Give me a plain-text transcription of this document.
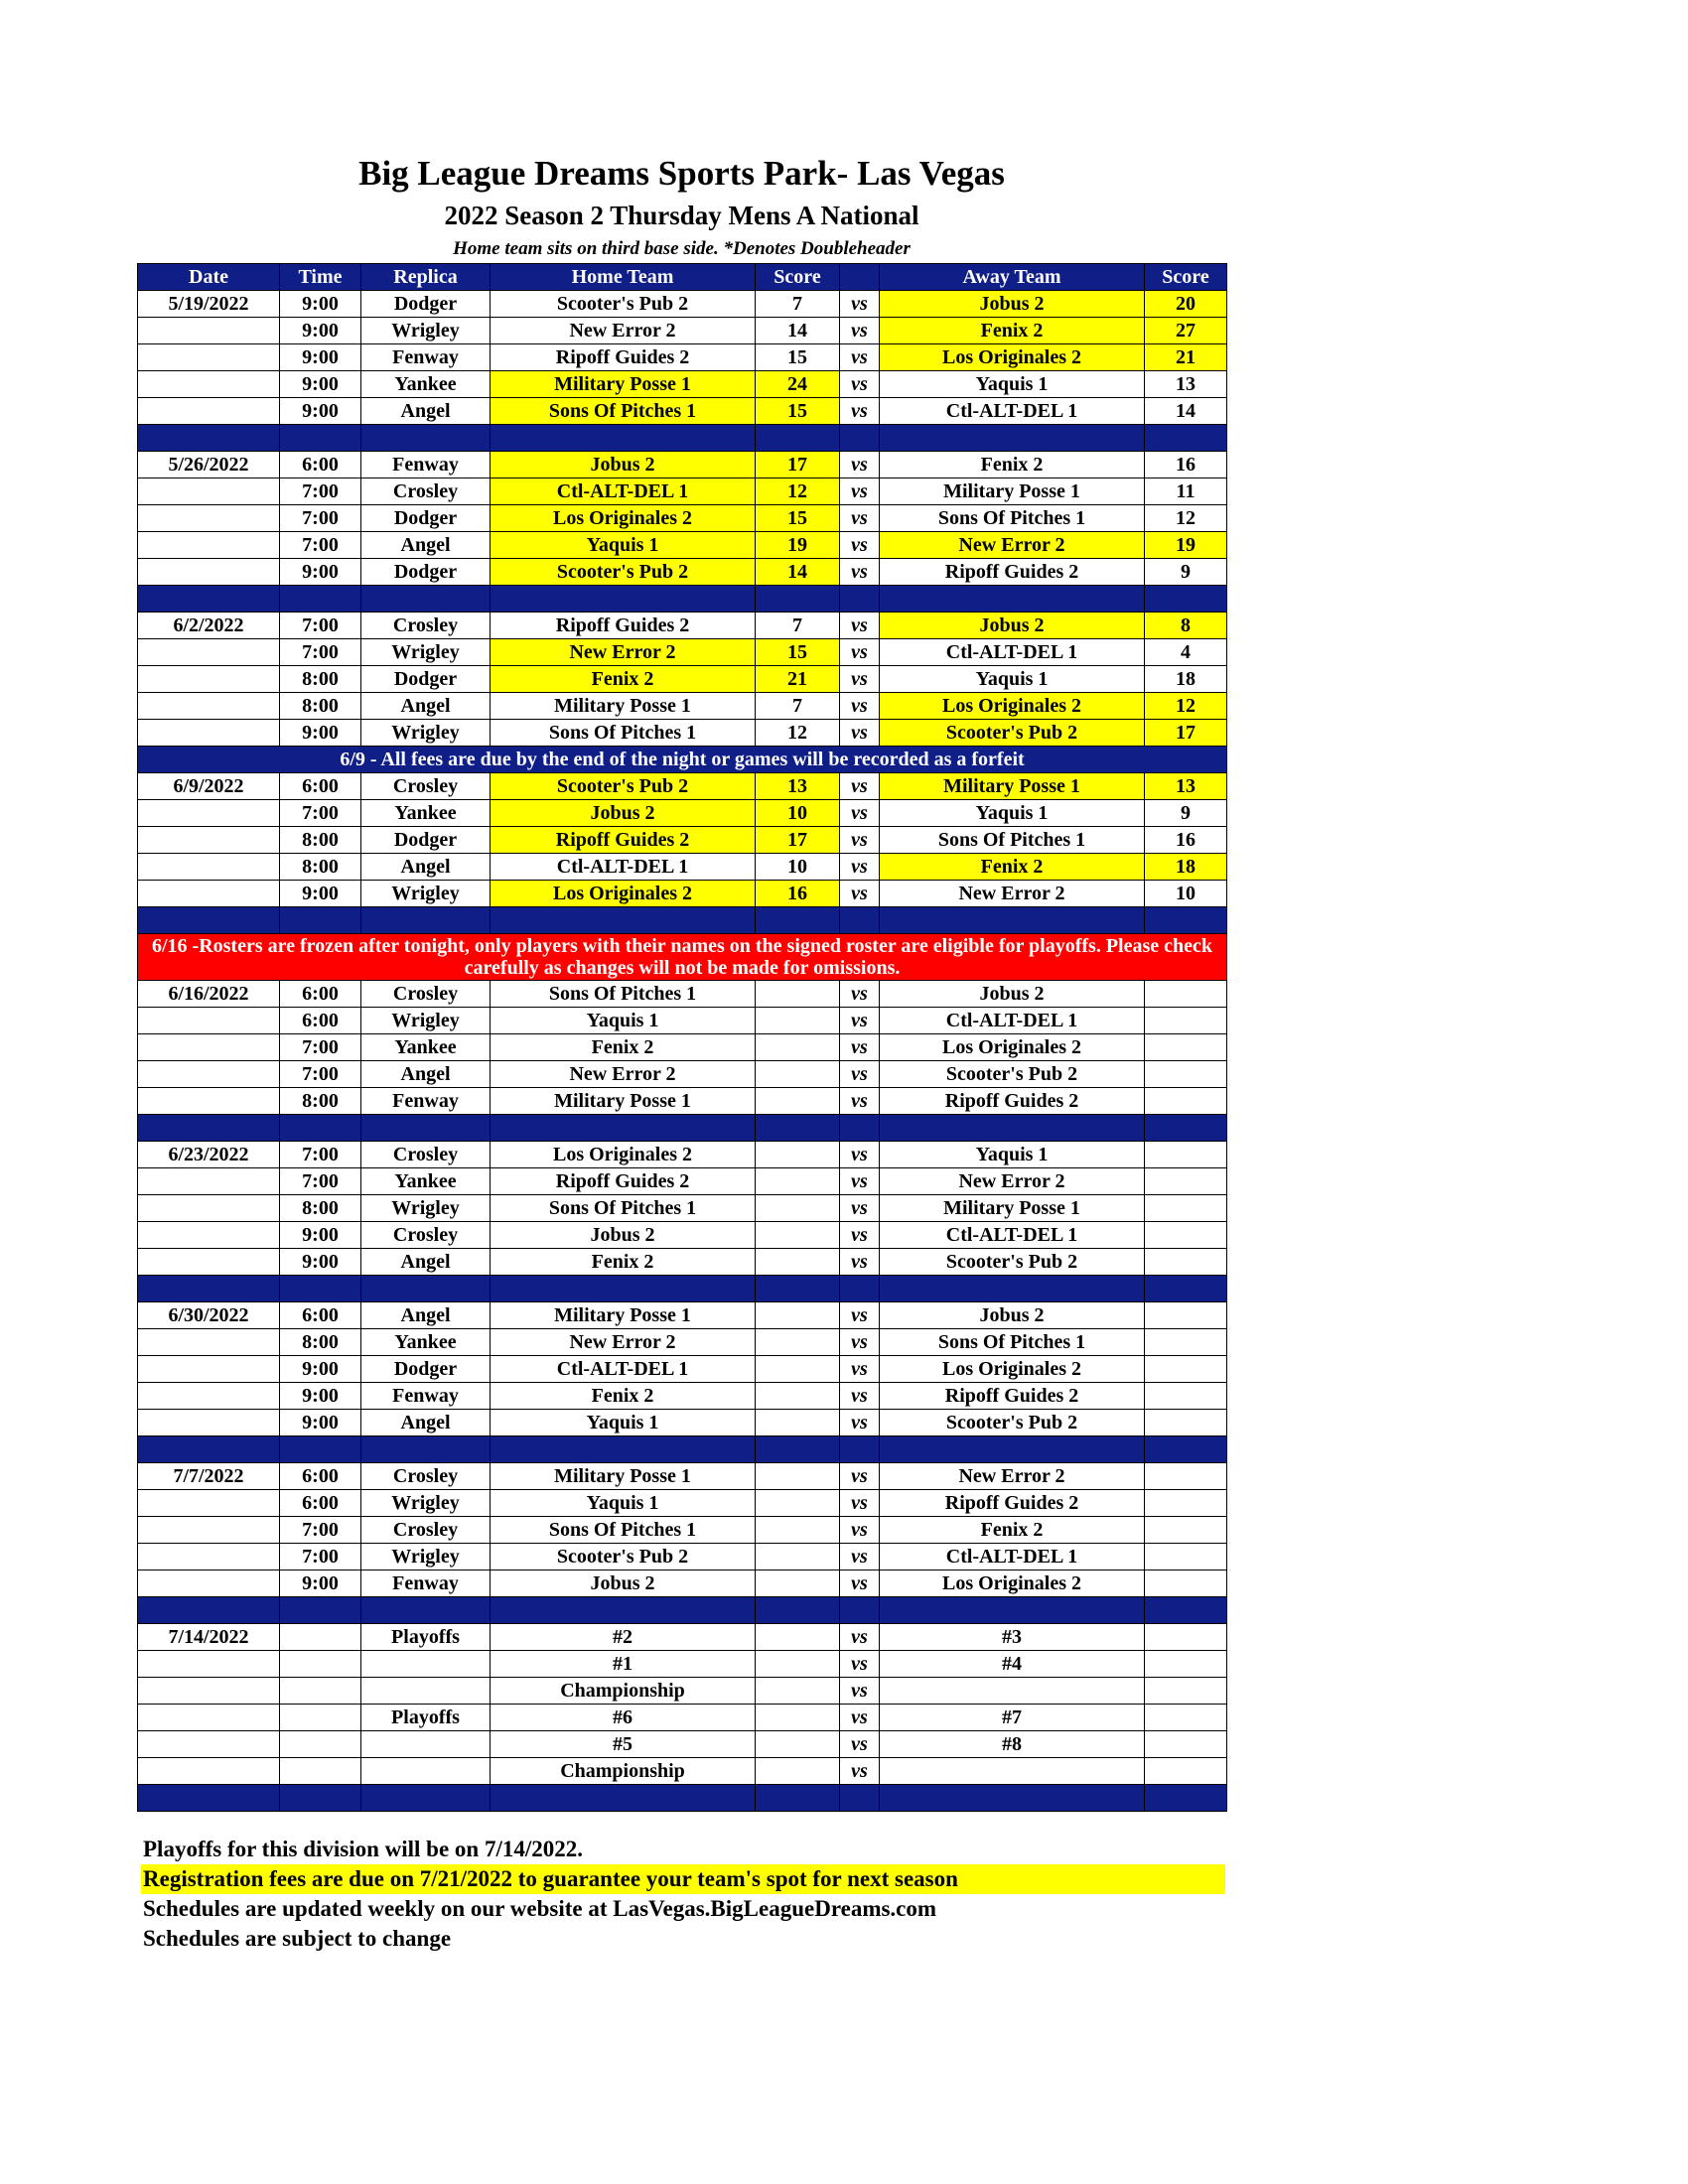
Big League Dreams Sports Park- Las Vegas
2022 Season 2 Thursday Mens A National
Home team sits on third base side. *Denotes Doubleheader
Date	Time	Replica	Home Team	Score		Away Team	Score
5/19/2022	9:00	Dodger	Scooter's Pub 2	7	vs	Jobus 2	20
	9:00	Wrigley	New Error 2	14	vs	Fenix 2	27
	9:00	Fenway	Ripoff Guides 2	15	vs	Los Originales 2	21
	9:00	Yankee	Military Posse 1	24	vs	Yaquis 1	13
	9:00	Angel	Sons Of Pitches 1	15	vs	Ctl-ALT-DEL 1	14

5/26/2022	6:00	Fenway	Jobus 2	17	vs	Fenix 2	16
	7:00	Crosley	Ctl-ALT-DEL 1	12	vs	Military Posse 1	11
	7:00	Dodger	Los Originales 2	15	vs	Sons Of Pitches 1	12
	7:00	Angel	Yaquis 1	19	vs	New Error 2	19
	9:00	Dodger	Scooter's Pub 2	14	vs	Ripoff Guides 2	9

6/2/2022	7:00	Crosley	Ripoff Guides 2	7	vs	Jobus 2	8
	7:00	Wrigley	New Error 2	15	vs	Ctl-ALT-DEL 1	4
	8:00	Dodger	Fenix 2	21	vs	Yaquis 1	18
	8:00	Angel	Military Posse 1	7	vs	Los Originales 2	12
	9:00	Wrigley	Sons Of Pitches 1	12	vs	Scooter's Pub 2	17
6/9 - All fees are due by the end of the night or games will be recorded as a forfeit							
6/9/2022	6:00	Crosley	Scooter's Pub 2	13	vs	Military Posse 1	13
	7:00	Yankee	Jobus 2	10	vs	Yaquis 1	9
	8:00	Dodger	Ripoff Guides 2	17	vs	Sons Of Pitches 1	16
	8:00	Angel	Ctl-ALT-DEL 1	10	vs	Fenix 2	18
	9:00	Wrigley	Los Originales 2	16	vs	New Error 2	10

6/16 -Rosters are frozen after tonight, only players with their names on the signed roster are eligible for playoffs. Please check carefully as changes will not be made for omissions.							
6/16/2022	6:00	Crosley	Sons Of Pitches 1		vs	Jobus 2	
	6:00	Wrigley	Yaquis 1		vs	Ctl-ALT-DEL 1	
	7:00	Yankee	Fenix 2		vs	Los Originales 2	
	7:00	Angel	New Error 2		vs	Scooter's Pub 2	
	8:00	Fenway	Military Posse 1		vs	Ripoff Guides 2	

6/23/2022	7:00	Crosley	Los Originales 2		vs	Yaquis 1	
	7:00	Yankee	Ripoff Guides 2		vs	New Error 2	
	8:00	Wrigley	Sons Of Pitches 1		vs	Military Posse 1	
	9:00	Crosley	Jobus 2		vs	Ctl-ALT-DEL 1	
	9:00	Angel	Fenix 2		vs	Scooter's Pub 2	

6/30/2022	6:00	Angel	Military Posse 1		vs	Jobus 2	
	8:00	Yankee	New Error 2		vs	Sons Of Pitches 1	
	9:00	Dodger	Ctl-ALT-DEL 1		vs	Los Originales 2	
	9:00	Fenway	Fenix 2		vs	Ripoff Guides 2	
	9:00	Angel	Yaquis 1		vs	Scooter's Pub 2	

7/7/2022	6:00	Crosley	Military Posse 1		vs	New Error 2	
	6:00	Wrigley	Yaquis 1		vs	Ripoff Guides 2	
	7:00	Crosley	Sons Of Pitches 1		vs	Fenix 2	
	7:00	Wrigley	Scooter's Pub 2		vs	Ctl-ALT-DEL 1	
	9:00	Fenway	Jobus 2		vs	Los Originales 2	

7/14/2022		Playoffs	#2		vs	#3	
			#1		vs	#4	
			Championship		vs		
		Playoffs	#6		vs	#7	
			#5		vs	#8	
			Championship		vs		

Playoffs for this division will be on 7/14/2022.
Registration fees are due on 7/21/2022 to guarantee your team's spot for next season
Schedules are updated weekly on our website at LasVegas.BigLeagueDreams.com
Schedules are subject to change
